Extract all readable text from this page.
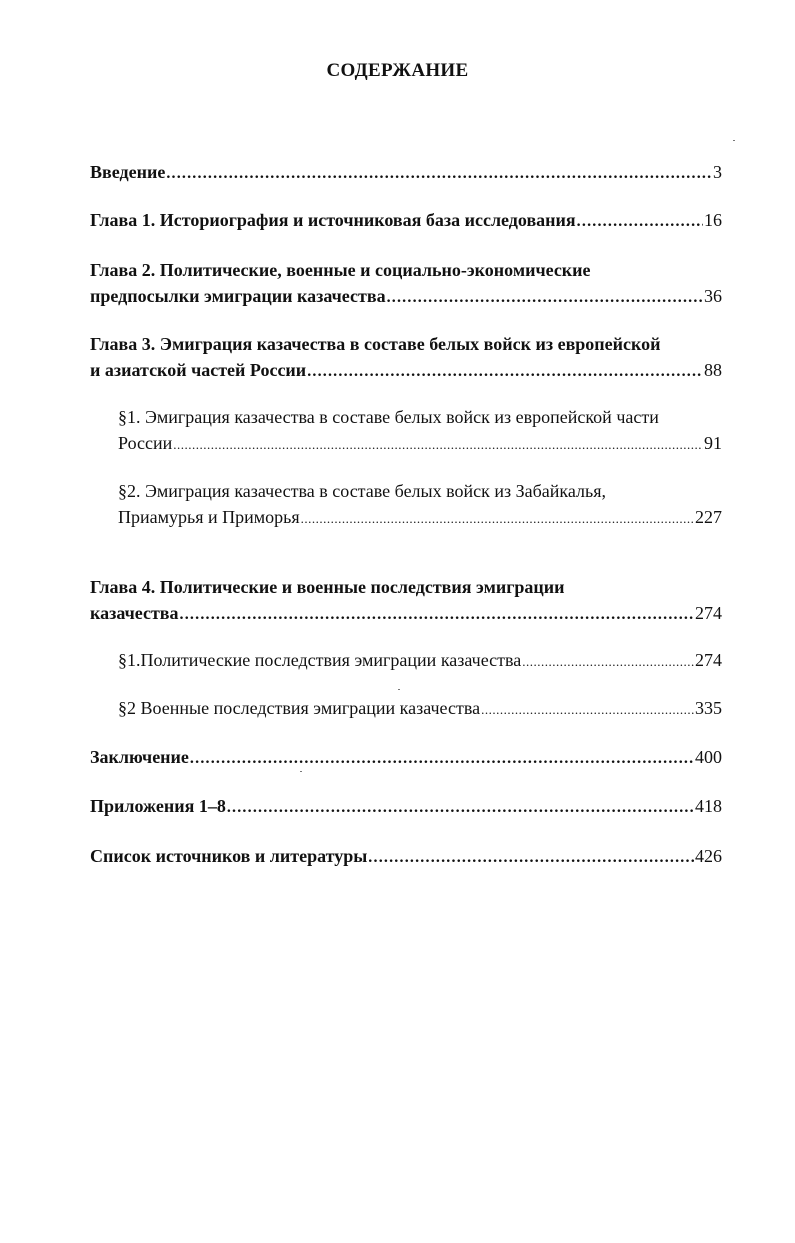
СОДЕРЖАНИЕ
Введение .....	3
Глава 1. Историография и источниковая база исследования .....	16
Глава 2. Политические, военные и социально-экономические
предпосылки эмиграции казачества .....	36
Глава 3. Эмиграция казачества в составе белых войск из европейской
и азиатской частей России .....	88
§1. Эмиграция казачества в составе белых войск из европейской части
России .....	91
§2. Эмиграция казачества в составе белых войск из Забайкалья,
Приамурья и Приморья .....	227
Глава 4. Политические и военные последствия эмиграции
казачества .....	274
§1.Политические последствия эмиграции казачества .....	274
§2 Военные последствия эмиграции казачества .....	335
Заключение .....	400
Приложения 1–8 .....	418
Список источников и литературы .....	426
